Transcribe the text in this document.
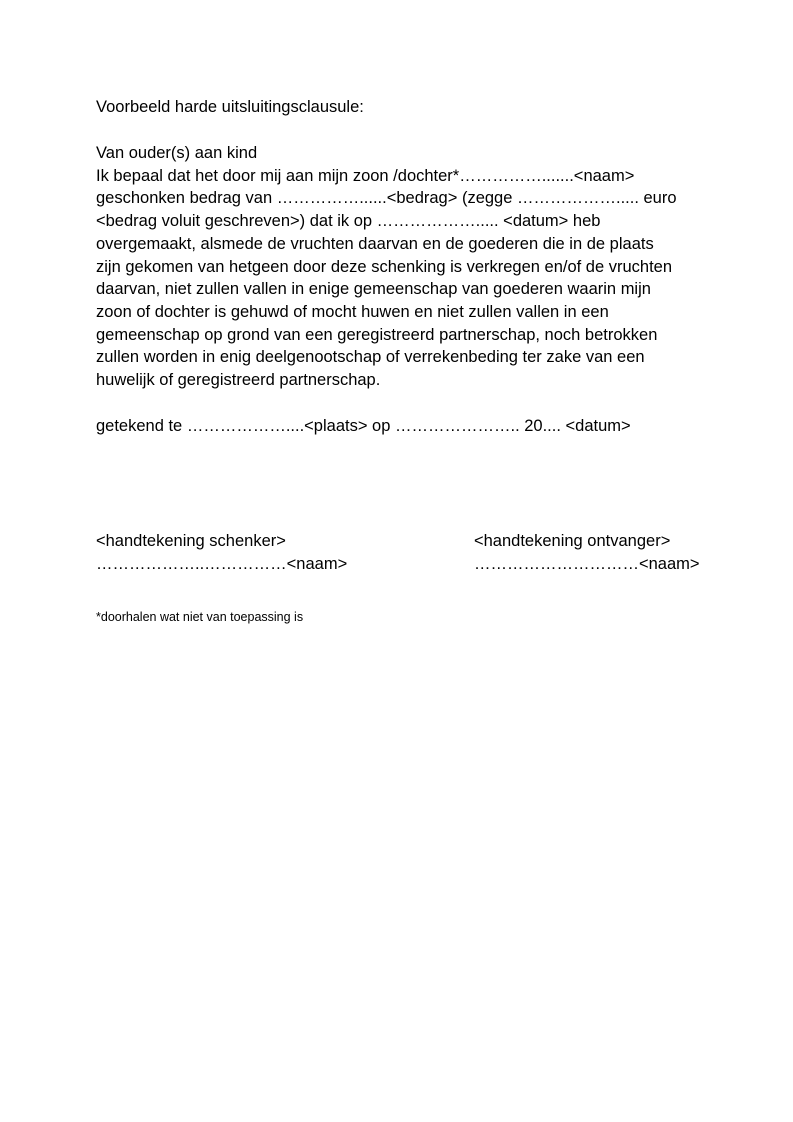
Voorbeeld harde uitsluitingsclausule:
Van ouder(s) aan kind
Ik bepaal dat het door mij aan mijn zoon /dochter*…………….......<naam>
geschonken bedrag van ……………......<bedrag> (zegge ………………..... euro
<bedrag voluit geschreven>) dat ik op ………………..... <datum> heb
overgemaakt, alsmede de vruchten daarvan en de goederen die in de plaats
zijn gekomen van hetgeen door deze schenking is verkregen en/of de vruchten
daarvan, niet zullen vallen in enige gemeenschap van goederen waarin mijn
zoon of dochter is gehuwd of mocht huwen en niet zullen vallen in een
gemeenschap op grond van een geregistreerd partnerschap, noch betrokken
zullen worden in enig deelgenootschap of verrekenbeding ter zake van een
huwelijk of geregistreerd partnerschap.
getekend te ………………....<plaats> op ………………….. 20.... <datum>
<handtekening schenker>
………………..……………<naam>
<handtekening ontvanger>
…………………………<naam>
*doorhalen wat niet van toepassing is
